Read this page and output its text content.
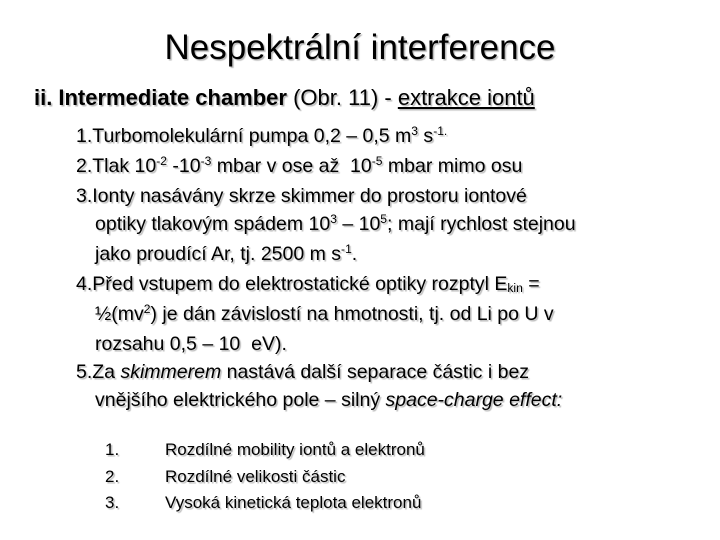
Nespektrální interference
ii. Intermediate chamber (Obr. 11) - extrakce iontů

1.Turbomolekulární pumpa 0,2 – 0,5 $m^3$ $s^{-1.}$

2.Tlak $10^{-2}$ $-10^{-3}$ mbar v ose až  $10^{-5}$ mbar mimo osu

3.Ionty nasávány skrze skimmer do prostoru iontové
optiky tlakovým spádem $10^3 - 10^5$; mají rychlost stejnou
jako proudící Ar, tj. 2500 m $s^{-1}$.

4.Před vstupem do elektrostatické optiky rozptyl $E_{kin}$ =
$\frac{1}{2}(mv^2)$ je dán závislostí na hmotnosti, tj. od Li po U v
rozsahu 0,5 – 10  eV).

5.Za skimmerem nastává další separace částic i bez
vnějšího elektrického pole – silný space-charge effect:

1.	Rozdílné mobility iontů a elektronů
2.	Rozdílné velikosti částic
3.	Vysoká kinetická teplota elektronů
